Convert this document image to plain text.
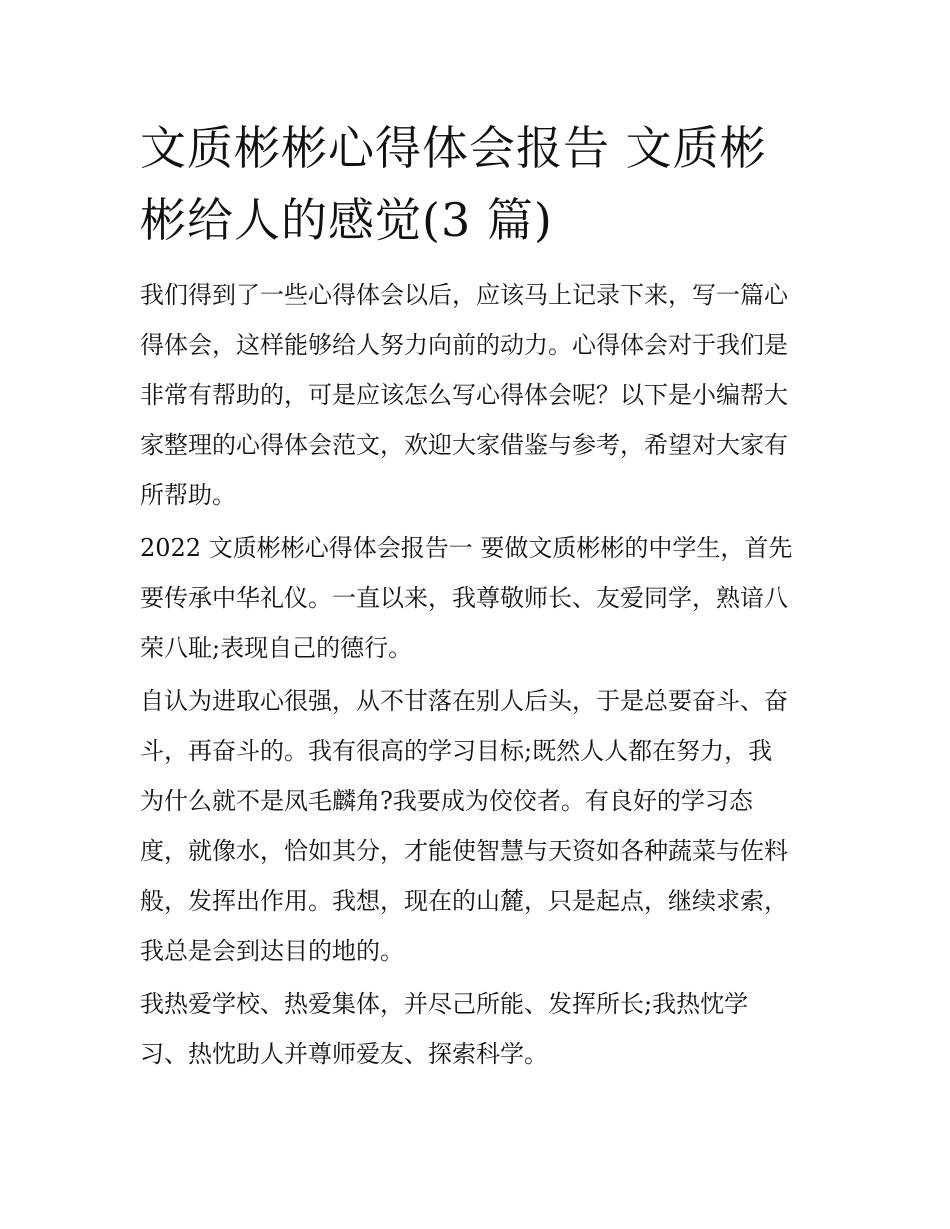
文质彬彬心得体会报告 文质彬
彬给人的感觉(3 篇)
我们得到了一些心得体会以后，应该马上记录下来，写一篇心
得体会，这样能够给人努力向前的动力。心得体会对于我们是
非常有帮助的，可是应该怎么写心得体会呢？以下是小编帮大
家整理的心得体会范文，欢迎大家借鉴与参考，希望对大家有
所帮助。
2022 文质彬彬心得体会报告一 要做文质彬彬的中学生，首先
要传承中华礼仪。一直以来，我尊敬师长、友爱同学，熟谙八
荣八耻;表现自己的德行。
自认为进取心很强，从不甘落在别人后头，于是总要奋斗、奋
斗，再奋斗的。我有很高的学习目标;既然人人都在努力，我
为什么就不是凤毛麟角?我要成为佼佼者。有良好的学习态
度，就像水，恰如其分，才能使智慧与天资如各种蔬菜与佐料
般，发挥出作用。我想，现在的山麓，只是起点，继续求索，
我总是会到达目的地的。
我热爱学校、热爱集体，并尽己所能、发挥所长;我热忱学
习、热忱助人并尊师爱友、探索科学。
